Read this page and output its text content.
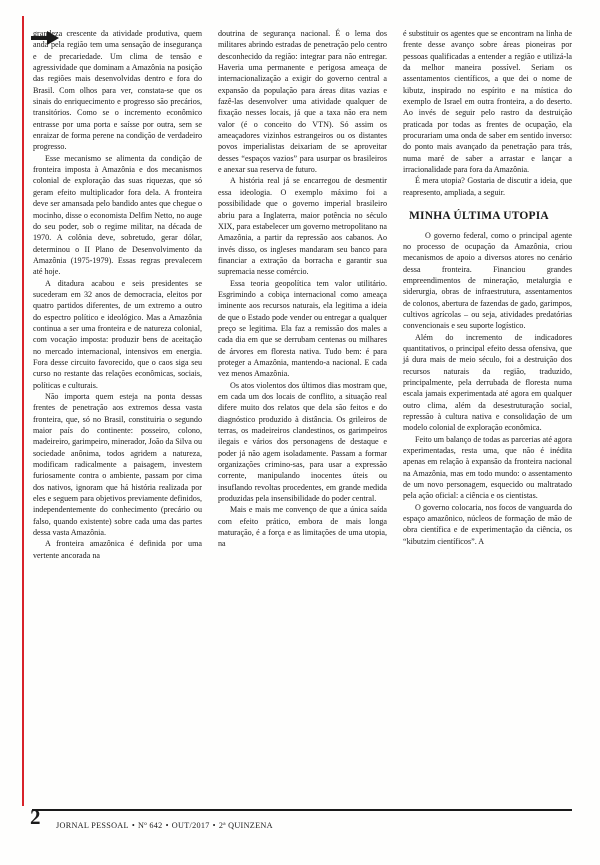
grandeza crescente da atividade produtiva, quem anda pela região tem uma sensação de insegurança e de precariedade. Um clima de tensão e agressividade que dominam a Amazônia na posição das regiões mais desenvolvidas dentro e fora do Brasil. Com olhos para ver, constata-se que os sinais do enriquecimento e progresso são precários, transitórios. Como se o incremento econômico entrasse por uma porta e saísse por outra, sem se enraizar de forma perene na condição de verdadeiro progresso.

Esse mecanismo se alimenta da condição de fronteira imposta à Amazônia e dos mecanismos colonial de exploração das suas riquezas, que só geram efeito multiplicador fora dela. A fronteira deve ser amansada pelo bandido antes que chegue o mocinho, disse o economista Delfim Netto, no auge do seu poder, sob o regime militar, na década de 1970. A colônia deve, sobretudo, gerar dólar, determinou o II Plano de Desenvolvimento da Amazônia (1975-1979). Essas regras prevalecem até hoje.

A ditadura acabou e seis presidentes se sucederam em 32 anos de democracia, eleitos por quatro partidos diferentes, de um extremo a outro do espectro político e ideológico. Mas a Amazônia continua a ser uma fronteira e de natureza colonial, com vocação imposta: produzir bens de aceitação no mercado internacional, intensivos em energia. Fora desse circuito favorecido, que o caos siga seu curso no restante das relações econômicas, sociais, políticas e culturais.

Não importa quem esteja na ponta dessas frentes de penetração aos extremos dessa vasta fronteira, que, só no Brasil, constituiria o segundo maior país do continente: posseiro, colono, madeireiro, garimpeiro, minerador, João da Silva ou sociedade anônima, todos agridem a natureza, modificam radicalmente a paisagem, investem furiosamente contra o ambiente, passam por cima dos nativos, ignoram que há história realizada por eles e seguem para objetivos previamente definidos, independentemente do conhecimento (precário ou falso, quando existente) sobre cada uma das partes dessa vasta Amazônia.

A fronteira amazônica é definida por uma vertente ancorada na

doutrina de segurança nacional. É o lema dos militares abrindo estradas de penetração pelo centro desconhecido da região: integrar para não entregar. Haveria uma permanente e perigosa ameaça de internacionalização a exigir do governo central a expansão da população para áreas ditas vazias e fazê-las desenvolver uma atividade qualquer de fixação nesses locais, já que a taxa não era nem valor (é o conceito do VTN). Só assim os ameaçadores vizinhos estrangeiros ou os distantes povos imperialistas deixariam de se aproveitar desses “espaços vazios” para usurpar os brasileiros e anexar sua reserva de futuro.

A história real já se encarregou de desmentir essa ideologia. O exemplo máximo foi a possibilidade que o governo imperial brasileiro abriu para a Inglaterra, maior potência no século XIX, para estabelecer um governo metropolitano na Amazônia, a partir da repressão aos cabanos. Ao invés disso, os ingleses mandaram seu banco para financiar a extração da borracha e garantir sua supremacia nesse comércio.

Essa teoria geopolítica tem valor utilitário. Esgrimindo a cobiça internacional como ameaça iminente aos recursos naturais, ela legitima a ideia de que o Estado pode vender ou entregar a qualquer preço se legitima. Ela faz a remissão dos males a cada dia em que se derrubam centenas ou milhares de árvores em floresta nativa. Tudo bem: é para proteger a Amazônia, mantendo-a nacional. E cada vez menos Amazônia.

Os atos violentos dos últimos dias mostram que, em cada um dos locais de conflito, a situação real difere muito dos relatos que dela são feitos e do diagnóstico produzido à distância. Os grileiros de terras, os madeireiros clandestinos, os garimpeiros ilegais e vários dos personagens de destaque e poder já não agem isoladamente. Passam a formar organizações crimino-sas, para usar a expressão corrente, manipulando inocentes úteis ou insuflando revoltas procedentes, em grande medida produzidas pela insensibilidade do poder central.

Mais e mais me convenço de que a única saída com efeito prático, embora de mais longa maturação, é a força e as limitações de uma utopia, na

é substituir os agentes que se encontram na linha de frente desse avanço sobre áreas pioneiras por pessoas qualificadas a entender a região e utilizá-la da melhor maneira possível. Seriam os assentamentos científicos, a que dei o nome de kibutz, inspirado no espírito e na mística do exemplo de Israel em outra fronteira, a do deserto. Ao invés de seguir pelo rastro da destruição praticada por todas as frentes de ocupação, ela procurariam uma onda de saber em sentido inverso: do ponto mais avançado da penetração para trás, numa maré de saber a arrastar e lançar a irracionalidade para fora da Amazônia.

É mera utopia? Gostaria de discutir a ideia, que reapresento, ampliada, a seguir.

MINHA ÚLTIMA UTOPIA

O governo federal, como o principal agente no processo de ocupação da Amazônia, criou mecanismos de apoio a diversos atores no cenário dessa fronteira. Financiou grandes empreendimentos de mineração, metalurgia e siderurgia, obras de infraestrutura, assentamentos de colonos, abertura de fazendas de gado, garimpos, cultivos agrícolas – ou seja, atividades predatórias convencionais e seu suporte logístico.

Além do incremento de indicadores quantitativos, o principal efeito dessa ofensiva, que já dura mais de meio século, foi a destruição dos recursos naturais da região, traduzido, principalmente, pela derrubada de floresta numa escala jamais experimentada até agora em qualquer outro clima, além da desestruturação social, repressão à cultura nativa e consolidação de um modelo colonial de exploração econômica.

Feito um balanço de todas as parcerias até agora experimentadas, resta uma, que não é inédita apenas em relação à expansão da fronteira nacional na Amazônia, mas em todo mundo: o assentamento de um novo personagem, esquecido ou maltratado pela ação oficial: a ciência e os cientistas.

O governo colocaria, nos focos de vanguarda do espaço amazônico, núcleos de formação de mão de obra científica e de experimentação da ciência, os “kibutzim científicos”. A

2 JORNAL PESSOAL • Nº 642 • OUT/2017 • 2ª QUINZENA
